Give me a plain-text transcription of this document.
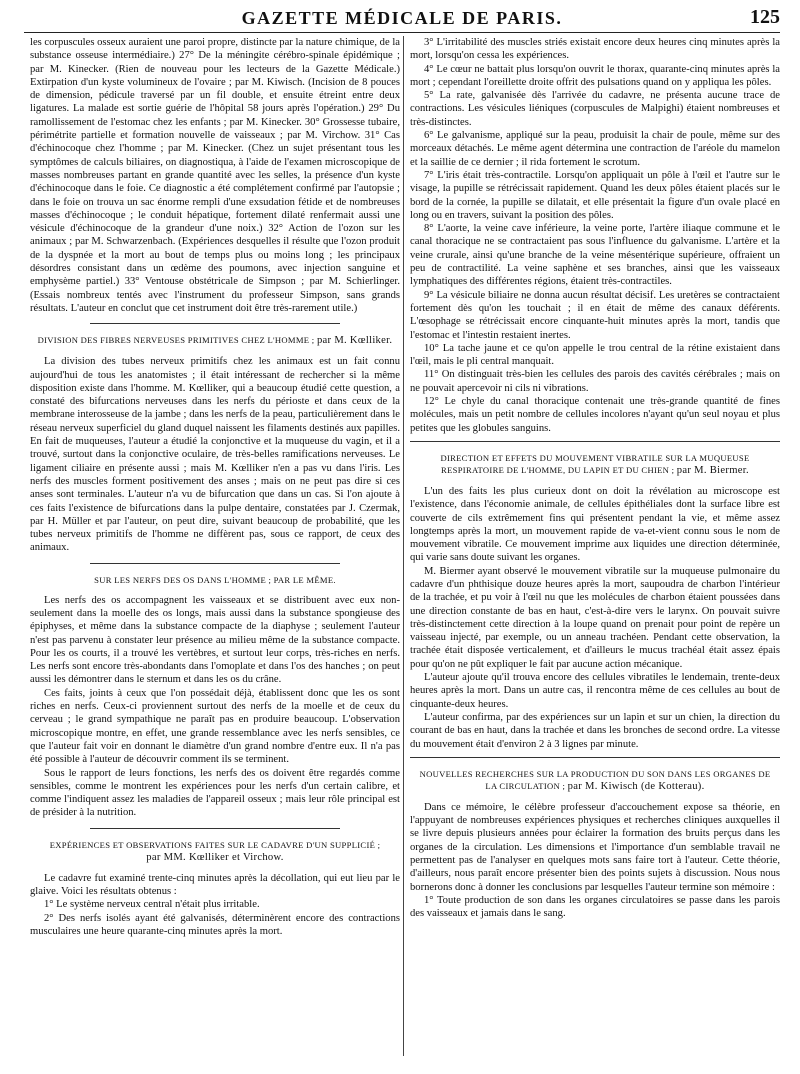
GAZETTE MÉDICALE DE PARIS.	125

les corpuscules osseux auraient une paroi propre, distincte par la nature chimique, de la substance osseuse intermédiaire.) 27° De la méningite cérébro-spinale épidémique ; par M. Kinecker. (Rien de nouveau pour les lecteurs de la Gazette Médicale.) Extirpation d'un kyste volumineux de l'ovaire ; par M. Kiwisch. (Incision de 8 pouces de dimension, pédicule traversé par un fil double, et ensuite étreint entre deux ligatures. La malade est sortie guérie de l'hôpital 58 jours après l'opération.) 29° Du ramollissement de l'estomac chez les enfants ; par M. Kinecker. 30° Grossesse tubaire, périmétrite partielle et formation nouvelle de vaisseaux ; par M. Virchow. 31° Cas d'échinocoque chez l'homme ; par M. Kinecker. (Chez un sujet présentant tous les symptômes de calculs biliaires, on diagnostiqua, à l'aide de l'examen microscopique de masses nombreuses partant en grande quantité avec les selles, la présence d'un kyste d'échinocoque dans le foie. Ce diagnostic a été complétement confirmé par l'autopsie ; dans le foie on trouva un sac énorme rempli d'une exsudation fétide et de nombreuses masses d'échinocoque ; le conduit hépatique, fortement dilaté renfermait aussi une vésicule d'échinocoque de la grandeur d'une noix.) 32° Action de l'ozon sur les animaux ; par M. Schwarzenbach. (Expériences desquelles il résulte que l'ozon produit de la dyspnée et la mort au bout de temps plus ou moins long ; les principaux désordres consistant dans un œdème des poumons, avec injection sanguine et emphysème partiel.) 33° Ventouse obstétricale de Simpson ; par M. Schierlinger. (Essais nombreux tentés avec l'instrument du professeur Simpson, sans grands résultats. L'auteur en conclut que cet instrument doit être très-rarement utile.)

DIVISION DES FIBRES NERVEUSES PRIMITIVES CHEZ L'HOMME ; par M. Kœlliker.

La division des tubes nerveux primitifs chez les animaux est un fait connu aujourd'hui de tous les anatomistes ; il était intéressant de rechercher si la même disposition existe dans l'homme. M. Kœlliker, qui a beaucoup étudié cette question, a constaté des bifurcations nerveuses dans les nerfs du périoste et dans ceux de la membrane interosseuse de la jambe ; dans les nerfs de la peau, particulièrement dans le réseau nerveux superficiel du gland duquel naissent les filaments destinés aux papilles. En fait de muqueuses, l'auteur a étudié la conjonctive et la muqueuse du vagin, et il a trouvé, surtout dans la conjonctive oculaire, de très-belles ramifications nerveuses. Le ligament ciliaire en présente aussi ; mais M. Kœlliker n'en a pas vu dans l'iris. Les nerfs des muscles forment positivement des anses ; mais on ne peut pas dire si ces anses sont terminales. L'auteur n'a vu de bifurcation que dans un cas. Si l'on ajoute à ces faits l'existence de bifurcations dans la pulpe dentaire, constatées par J. Czermak, par H. Müller et par l'auteur, on peut dire, suivant beaucoup de probabilité, que les tubes nerveux primitifs de l'homme ne diffèrent pas, sous ce rapport, de ceux des animaux.

SUR LES NERFS DES OS DANS L'HOMME ; PAR LE MÊME.

Les nerfs des os accompagnent les vaisseaux et se distribuent avec eux non-seulement dans la moelle des os longs, mais aussi dans la substance spongieuse des épiphyses, et même dans la substance compacte de la diaphyse ; seulement l'auteur n'est pas parvenu à constater leur présence au milieu même de la substance compacte. Pour les os courts, il a trouvé les vertèbres, et surtout leur corps, très-riches en nerfs. Les nerfs sont encore très-abondants dans l'omoplate et dans l'os des hanches ; on peut aussi les démontrer dans le sternum et dans les os du crâne.

Ces faits, joints à ceux que l'on possédait déjà, établissent donc que les os sont riches en nerfs. Ceux-ci proviennent surtout des nerfs de la moelle et de ceux du cerveau ; le grand sympathique ne paraît pas en produire beaucoup. L'observation microscopique montre, en effet, une grande ressemblance avec les nerfs sensibles, ce que l'auteur fait voir en donnant le diamètre d'un grand nombre d'entre eux. Il n'a pas été possible à l'auteur de découvrir comment ils se terminent.

Sous le rapport de leurs fonctions, les nerfs des os doivent être regardés comme sensibles, comme le montrent les expériences pour les nerfs d'un certain calibre, et comme l'indiquent assez les maladies de l'appareil osseux ; mais leur rôle principal est de présider à la nutrition.

EXPÉRIENCES ET OBSERVATIONS FAITES SUR LE CADAVRE D'UN SUPPLICIÉ ;
par MM. Kœlliker et Virchow.

Le cadavre fut examiné trente-cinq minutes après la décollation, qui eut lieu par le glaive. Voici les résultats obtenus :

1° Le système nerveux central n'était plus irritable.

2° Des nerfs isolés ayant été galvanisés, déterminèrent encore des contractions musculaires une heure quarante-cinq minutes après la mort.

3° L'irritabilité des muscles striés existait encore deux heures cinq minutes après la mort, lorsqu'on cessa les expériences.

4° Le cœur ne battait plus lorsqu'on ouvrit le thorax, quarante-cinq minutes après la mort ; cependant l'oreillette droite offrit des pulsations quand on y appliqua les pôles.

5° La rate, galvanisée dès l'arrivée du cadavre, ne présenta aucune trace de contractions. Les vésicules liéniques (corpuscules de Malpighi) étaient nombreuses et très-distinctes.

6° Le galvanisme, appliqué sur la peau, produisit la chair de poule, même sur des morceaux détachés. Le même agent détermina une contraction de l'aréole du mamelon et la saillie de ce dernier ; il rida fortement le scrotum.

7° L'iris était très-contractile. Lorsqu'on appliquait un pôle à l'œil et l'autre sur le visage, la pupille se rétrécissait rapidement. Quand les deux pôles étaient placés sur le bord de la cornée, la pupille se dilatait, et elle présentait la figure d'un ovale placé en long ou en travers, suivant la position des pôles.

8° L'aorte, la veine cave inférieure, la veine porte, l'artère iliaque commune et le canal thoracique ne se contractaient pas sous l'influence du galvanisme. L'artère et la veine crurale, ainsi qu'une branche de la veine mésentérique supérieure, offraient un peu de contractilité. La veine saphène et ses branches, ainsi que les vaisseaux lymphatiques des différentes régions, étaient très-contractiles.

9° La vésicule biliaire ne donna aucun résultat décisif. Les uretères se contractaient fortement dès qu'on les touchait ; il en était de même des canaux déférents. L'œsophage se rétrécissait encore cinquante-huit minutes après la mort, tandis que l'estomac et l'intestin restaient inertes.

10° La tache jaune et ce qu'on appelle le trou central de la rétine existaient dans l'œil, mais le pli central manquait.

11° On distinguait très-bien les cellules des parois des cavités cérébrales ; mais on ne pouvait apercevoir ni cils ni vibrations.

12° Le chyle du canal thoracique contenait une très-grande quantité de fines molécules, mais un petit nombre de cellules incolores n'ayant qu'un seul noyau et plus petites que les globules sanguins.

DIRECTION ET EFFETS DU MOUVEMENT VIBRATILE SUR LA MUQUEUSE RESPIRATOIRE DE L'HOMME, DU LAPIN ET DU CHIEN ; par M. Biermer.

L'un des faits les plus curieux dont on doit la révélation au microscope est l'existence, dans l'économie animale, de cellules épithéliales dont la surface libre est couverte de cils extrêmement fins qui présentent pendant la vie, et même assez longtemps après la mort, un mouvement rapide de va-et-vient connu sous le nom de mouvement vibratile. Ce mouvement imprime aux liquides une direction déterminée, qui varie sans doute suivant les organes.

M. Biermer ayant observé le mouvement vibratile sur la muqueuse pulmonaire du cadavre d'un phthisique douze heures après la mort, saupoudra de charbon l'intérieur de la trachée, et pu voir à l'œil nu que les molécules de charbon étaient poussées dans une direction constante de bas en haut, c'est-à-dire vers le larynx. On pouvait suivre très-distinctement cette direction à la loupe quand on prenait pour point de repère un vaisseau injecté, par exemple, ou un anneau trachéen. Pendant cette observation, la trachée était disposée verticalement, et d'ailleurs le mucus trachéal était assez épais pour qu'on ne pût expliquer le fait par aucune action mécanique.

L'auteur ajoute qu'il trouva encore des cellules vibratiles le lendemain, trente-deux heures après la mort. Dans un autre cas, il rencontra même de ces cellules au bout de cinquante-deux heures.

L'auteur confirma, par des expériences sur un lapin et sur un chien, la direction du courant de bas en haut, dans la trachée et dans les bronches de second ordre. La vitesse du mouvement était d'environ 2 à 3 lignes par minute.

NOUVELLES RECHERCHES SUR LA PRODUCTION DU SON DANS LES ORGANES DE LA CIRCULATION ; par M. Kiwisch (de Kotterau).

Dans ce mémoire, le célèbre professeur d'accouchement expose sa théorie, en l'appuyant de nombreuses expériences physiques et recherches cliniques auxquelles il se livre depuis plusieurs années pour éclairer la formation des bruits perçus dans les organes de la circulation. Les dimensions et l'importance d'un semblable travail ne permettent pas de l'analyser en quelques mots sans faire tort à l'auteur. Cette théorie, d'ailleurs, nous paraît encore présenter bien des points sujets à discussion. Nous nous bornerons donc à donner les conclusions par lesquelles l'auteur termine son mémoire :

1° Toute production de son dans les organes circulatoires se passe dans les parois des vaisseaux et jamais dans le sang.
